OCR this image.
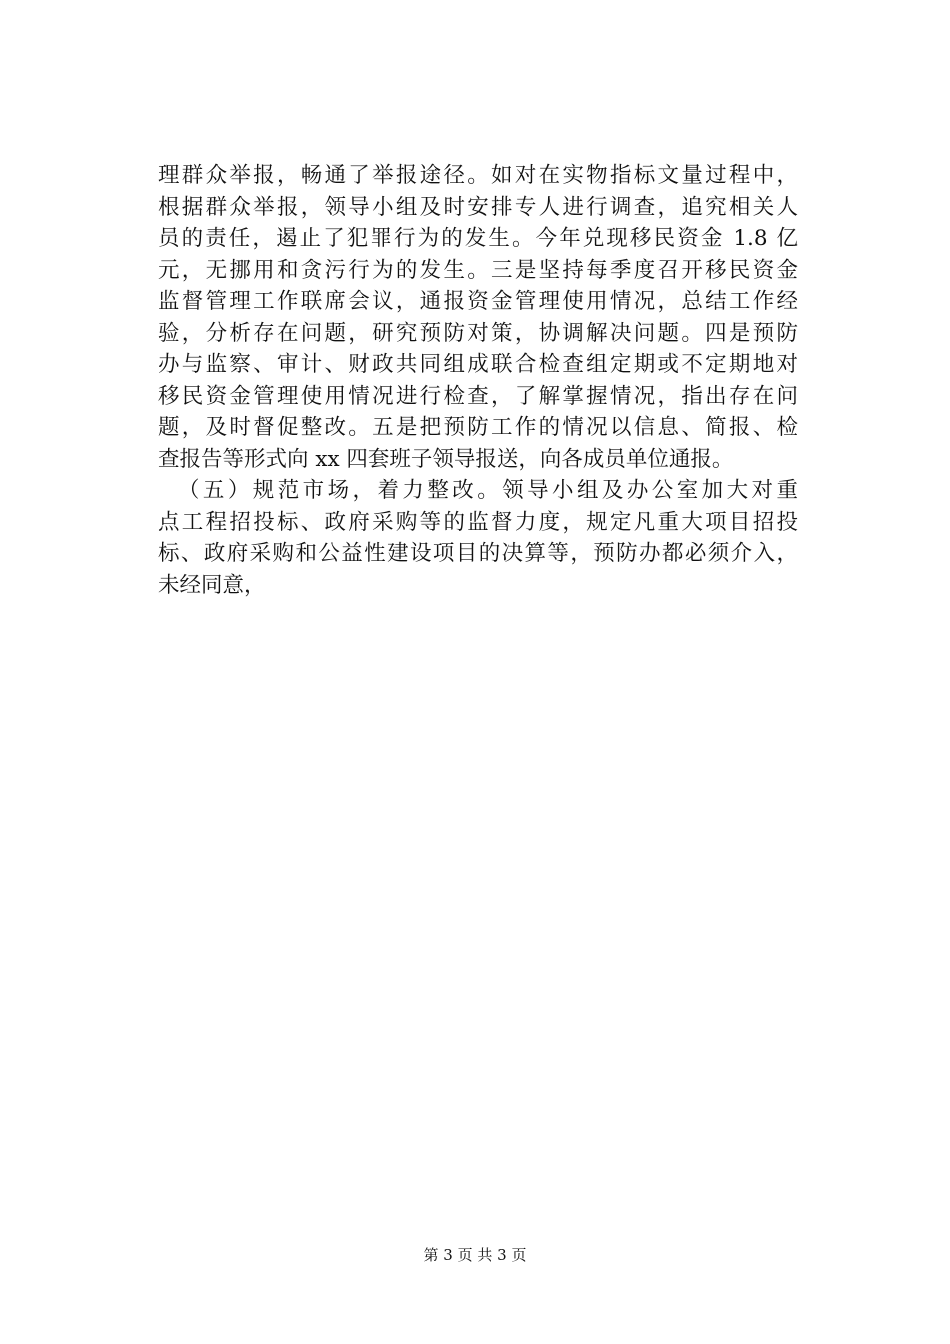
理群众举报，畅通了举报途径。如对在实物指标文量过程中，
根据群众举报，领导小组及时安排专人进行调查，追究相关人
员的责任，遏止了犯罪行为的发生。今年兑现移民资金 1.8 亿
元，无挪用和贪污行为的发生。三是坚持每季度召开移民资金
监督管理工作联席会议，通报资金管理使用情况，总结工作经
验，分析存在问题，研究预防对策，协调解决问题。四是预防
办与监察、审计、财政共同组成联合检查组定期或不定期地对
移民资金管理使用情况进行检查，了解掌握情况，指出存在问
题，及时督促整改。五是把预防工作的情况以信息、简报、检
查报告等形式向 xx 四套班子领导报送，向各成员单位通报。
（五）规范市场，着力整改。领导小组及办公室加大对重
点工程招投标、政府采购等的监督力度，规定凡重大项目招投
标、政府采购和公益性建设项目的决算等，预防办都必须介入，
未经同意，
第 3 页 共 3 页
